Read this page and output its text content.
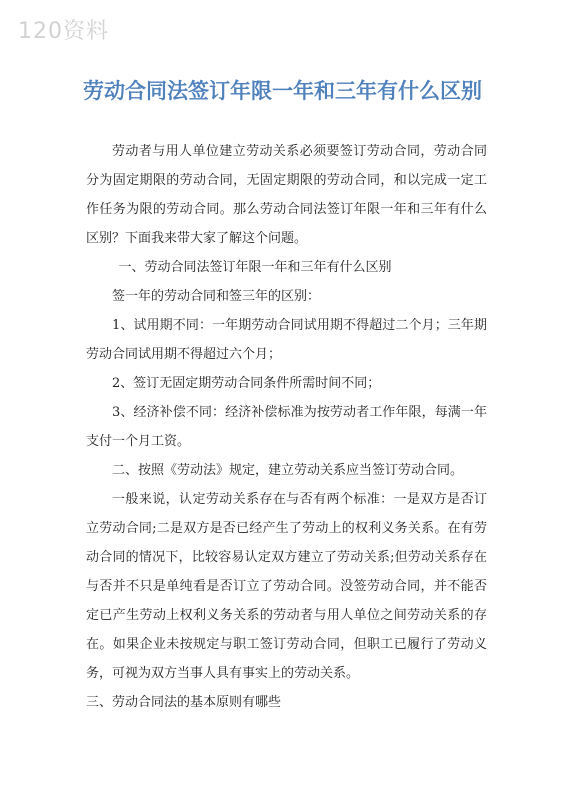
120资料
劳动合同法签订年限一年和三年有什么区别

劳动者与用人单位建立劳动关系必须要签订劳动合同，劳动合同分为固定期限的劳动合同，无固定期限的劳动合同，和以完成一定工作任务为限的劳动合同。那么劳动合同法签订年限一年和三年有什么区别？下面我来带大家了解这个问题。

一、劳动合同法签订年限一年和三年有什么区别

签一年的劳动合同和签三年的区别：

1、试用期不同：一年期劳动合同试用期不得超过二个月；三年期劳动合同试用期不得超过六个月；

2、签订无固定期劳动合同条件所需时间不同；

3、经济补偿不同：经济补偿标准为按劳动者工作年限，每满一年支付一个月工资。

二、按照《劳动法》规定，建立劳动关系应当签订劳动合同。

一般来说，认定劳动关系存在与否有两个标准：一是双方是否订立劳动合同;二是双方是否已经产生了劳动上的权利义务关系。在有劳动合同的情况下，比较容易认定双方建立了劳动关系;但劳动关系存在与否并不只是单纯看是否订立了劳动合同。没签劳动合同，并不能否定已产生劳动上权利义务关系的劳动者与用人单位之间劳动关系的存在。如果企业未按规定与职工签订劳动合同，但职工已履行了劳动义务，可视为双方当事人具有事实上的劳动关系。

三、劳动合同法的基本原则有哪些
